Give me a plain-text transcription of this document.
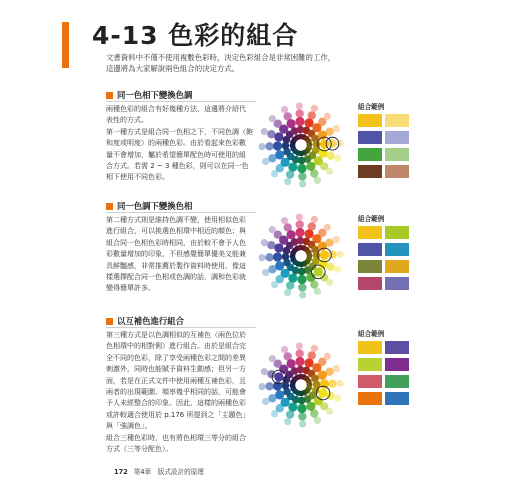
4-13 色彩的組合
文書資料中不僅不使用複數色彩時，決定色彩組合是非常困難的工作，
這邊將為大家解說兩色組合的決定方式。
同一色相下變換色調

兩種色彩的組合有好幾種方法，這邊將介紹代

表性的方式。

第一種方式是組合同一色相之下，不同色調（飽

和度或明度）的兩種色彩。由於看起來色彩數

量不會增加，屬於希望簡單配色時可使用的組

合方式。若需 2 ~ 3 種色彩，則可以在同一色

相下使用不同色彩。

組合範例
同一色調下變換色相

第二種方式則是維持色調不變，使用相似色彩

進行組合，可以挑選色相環中相近的顏色；與

組合同一色相色彩時相同，由於較不會予人色

彩數量增加的印象，不但感覺簡單優美又能兼

具鮮豔感，非常推薦於製作資料時使用。像這

樣選擇配合同一色相或色調的話，調和色彩就

變得簡單許多。

組合範例
以互補色進行組合

第三種方式是以色調相似的互補色（兩色位於

色相環中的相對側）進行組合。由於是組合完

全不同的色彩，除了享受兩種色彩之間的差異

刺激外，同時也能賦予資料生動感；但另一方

面，若是在正式文件中使用兩種互補色彩，且

兩者的出現範圍、頻率幾乎相同的話，可能會

予人未經整合的印象。因此，這樣的兩種色彩

或許較適合使用於 p.176 所提到之「主題色」

與「強調色」。

組合三種色彩時，也有將色相環三等分的組合

方式（三等分配色）。

組合範例
172 第4章　版式設計的原理
